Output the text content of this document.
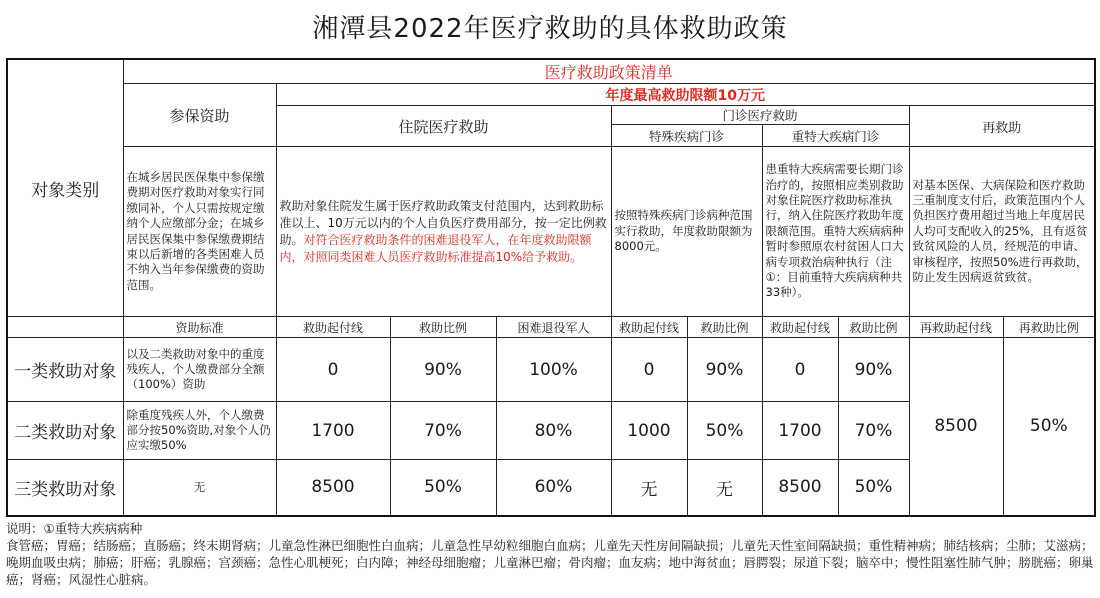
湘潭县2022年医疗救助的具体救助政策
对象类别	医疗救助政策清单									
	参保资助	年度最高救助限额10万元								
		住院医疗救助			门诊医疗救助				再救助	
					特殊疾病门诊		重特大疾病门诊			
	在城乡居民医保集中参保缴费期对医疗救助对象实行同缴同补，个人只需按规定缴纳个人应缴部分金；在城乡居民医保集中参保缴费期结束以后新增的各类困难人员不纳入当年参保缴费的资助范围。	救助对象住院发生属于医疗救助政策支付范围内，达到救助标准以上、10万元以内的个人自负医疗费用部分，按一定比例救助。对符合医疗救助条件的困难退役军人，在年度救助限额内，对照同类困难人员医疗救助标准提高10%给予救助。			按照特殊疾病门诊病种范围实行救助，年度救助限额为8000元。		患重特大疾病需要长期门诊治疗的，按照相应类别救助对象住院医疗救助标准执行，纳入住院医疗救助年度限额范围。重特大疾病病种暂时参照原农村贫困人口大病专项救治病种执行（注①：目前重特大疾病病种共33种）。		对基本医保、大病保险和医疗救助三重制度支付后，政策范围内个人负担医疗费用超过当地上年度居民人均可支配收入的25%，且有返贫致贫风险的人员，经规范的申请、审核程序，按照50%进行再救助，防止发生因病返贫致贫。	
	资助标准	救助起付线	救助比例	困难退役军人	救助起付线	救助比例	救助起付线	救助比例	再救助起付线	再救助比例
一类救助对象	以及二类救助对象中的重度残疾人，个人缴费部分全额（100%）资助	0	90%	100%	0	90%	0	90%	8500	50%
二类救助对象	除重度残疾人外，个人缴费部分按50%资助,对象个人仍应实缴50%	1700	70%	80%	1000	50%	1700	70%		
三类救助对象	无	8500	50%	60%	无	无	8500	50%		
说明：①重特大疾病病种
食管癌；胃癌；结肠癌；直肠癌；终末期肾病；儿童急性淋巴细胞性白血病；儿童急性早幼粒细胞白血病；儿童先天性房间隔缺损；儿童先天性室间隔缺损；重性精神病；肺结核病；尘肺；艾滋病；晚期血吸虫病；肺癌；肝癌；乳腺癌；宫颈癌；急性心肌梗死；白内障；神经母细胞瘤；儿童淋巴瘤；骨肉瘤；血友病；地中海贫血；唇腭裂；尿道下裂；脑卒中；慢性阻塞性肺气肿；膀胱癌；卵巢癌；肾癌；风湿性心脏病。
